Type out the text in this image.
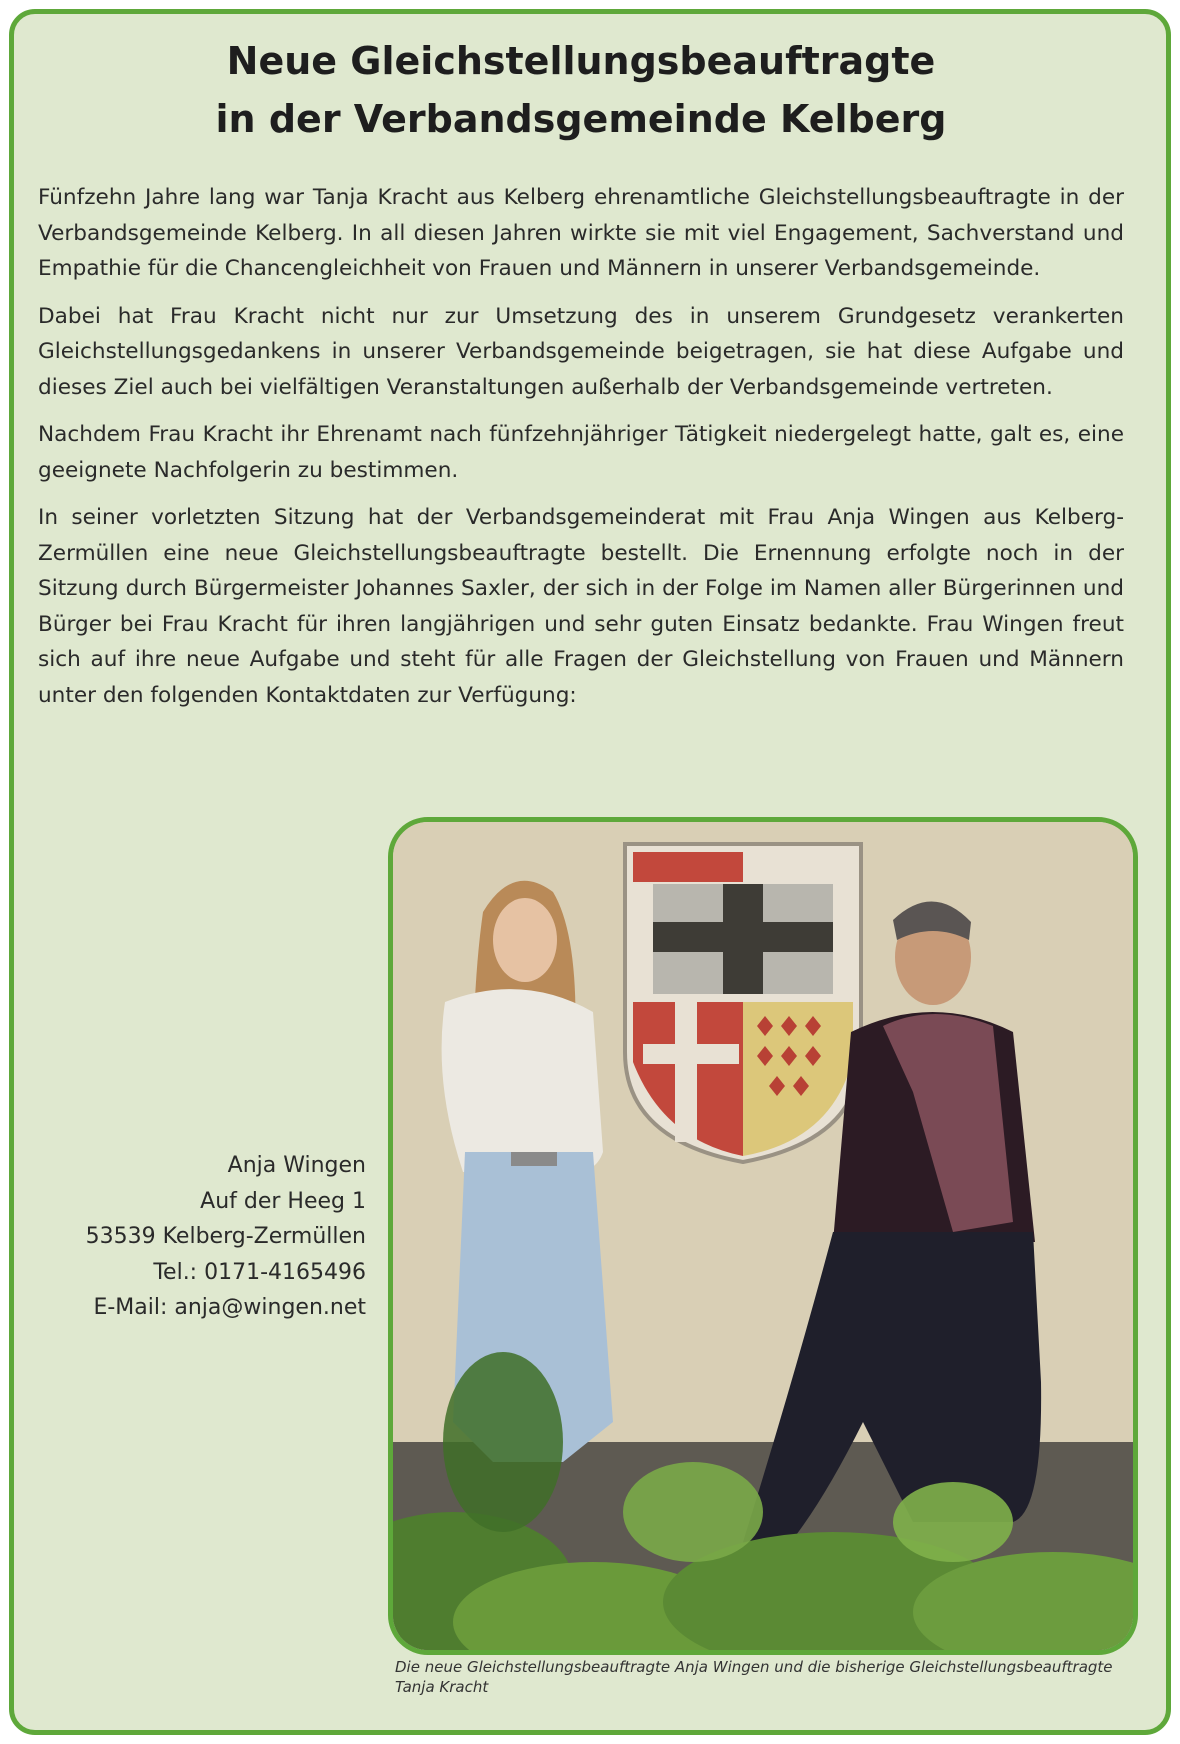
Neue Gleichstellungsbeauftragte
in der Verbandsgemeinde Kelberg

Fünfzehn Jahre lang war Tanja Kracht aus Kelberg ehrenamtliche Gleichstellungsbeauftragte in der Verbandsgemeinde Kelberg. In all diesen Jahren wirkte sie mit viel Engagement, Sachverstand und Empathie für die Chancengleichheit von Frauen und Männern in unserer Verbandsgemeinde.

Dabei hat Frau Kracht nicht nur zur Umsetzung des in unserem Grundgesetz verankerten Gleichstellungsgedankens in unserer Verbandsgemeinde beigetragen, sie hat diese Aufgabe und dieses Ziel auch bei vielfältigen Veranstaltungen außerhalb der Verbandsgemeinde vertreten.

Nachdem Frau Kracht ihr Ehrenamt nach fünfzehnjähriger Tätigkeit niedergelegt hatte, galt es, eine geeignete Nachfolgerin zu bestimmen.

In seiner vorletzten Sitzung hat der Verbandsgemeinderat mit Frau Anja Wingen aus Kelberg-Zermüllen eine neue Gleichstellungsbeauftragte bestellt. Die Ernennung erfolgte noch in der Sitzung durch Bürgermeister Johannes Saxler, der sich in der Folge im Namen aller Bürgerinnen und Bürger bei Frau Kracht für ihren langjährigen und sehr guten Einsatz bedankte. Frau Wingen freut sich auf ihre neue Aufgabe und steht für alle Fragen der Gleichstellung von Frauen und Männern unter den folgenden Kontaktdaten zur Verfügung:

Anja Wingen
Auf der Heeg 1
53539 Kelberg-Zermüllen
Tel.: 0171-4165496
E-Mail: anja@wingen.net
Die neue Gleichstellungsbeauftragte Anja Wingen und die bisherige Gleichstellungsbeauftragte Tanja Kracht
